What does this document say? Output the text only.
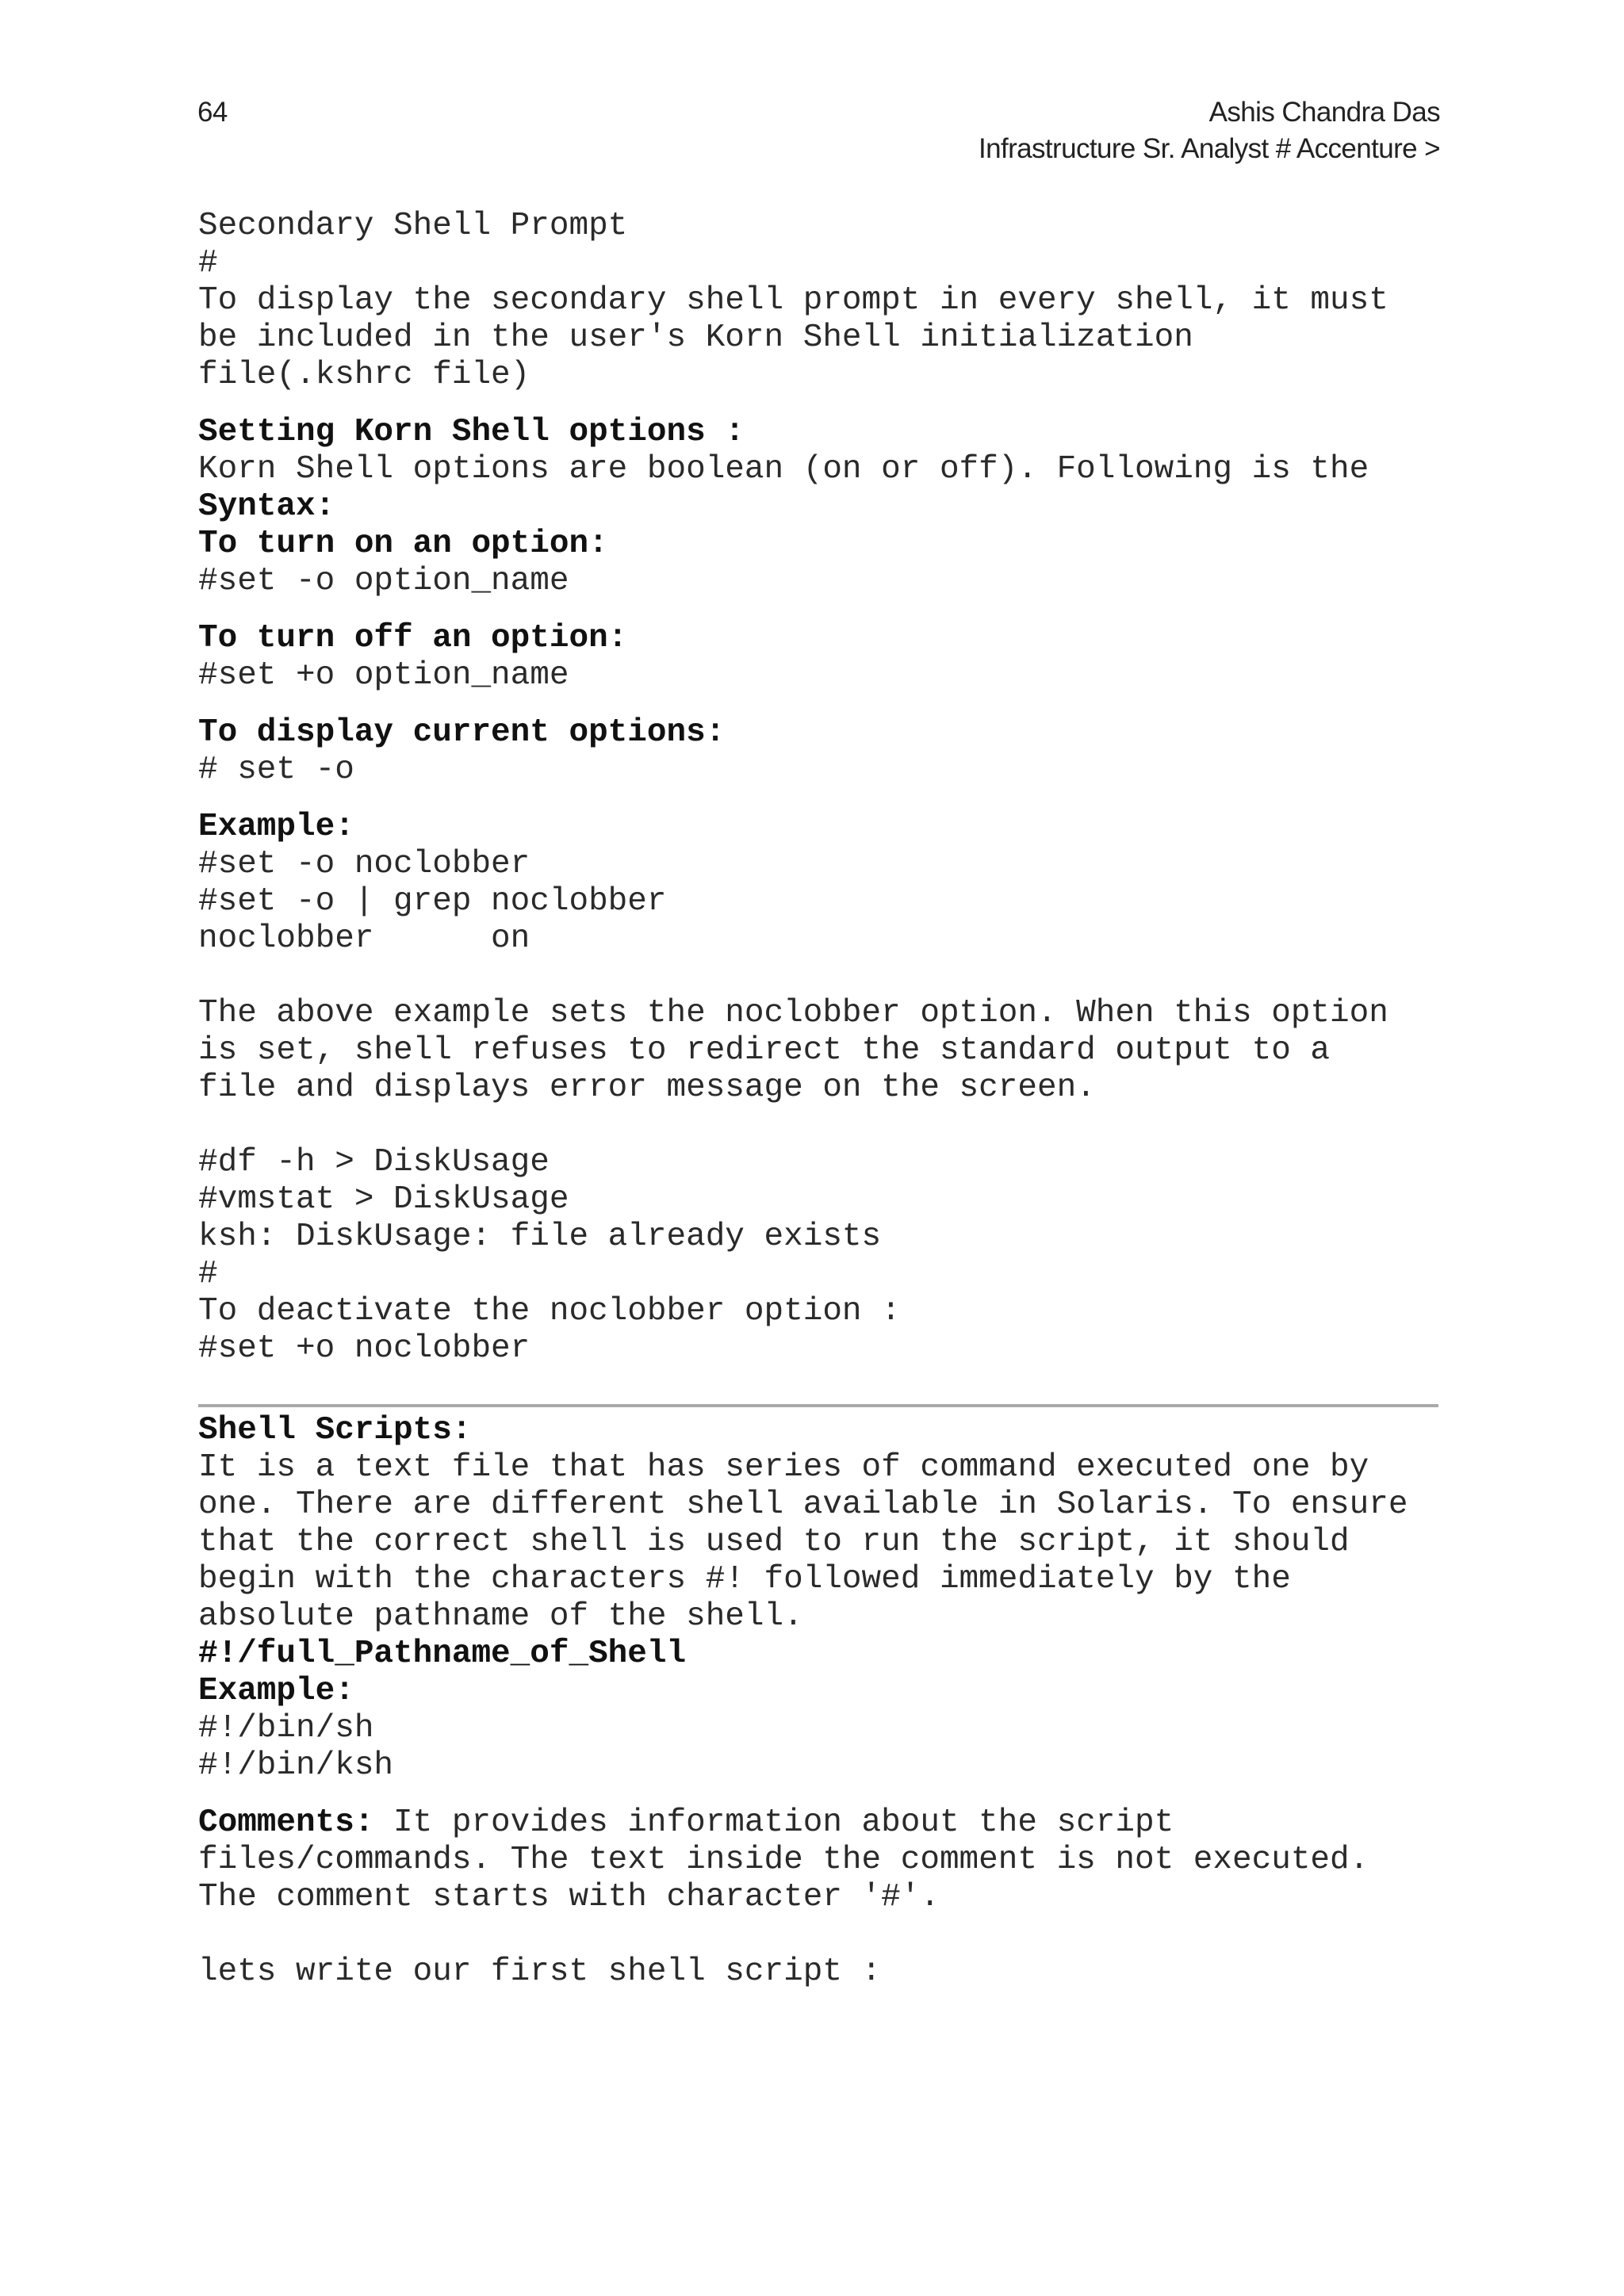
64	Ashis Chandra Das
Infrastructure Sr. Analyst # Accenture >
Secondary Shell Prompt
#
To display the secondary shell prompt in every shell, it must
be included in the user's Korn Shell initialization
file(.kshrc file)
Setting Korn Shell options :
Korn Shell options are boolean (on or off). Following is the
Syntax:
To turn on an option:
#set -o option_name
To turn off an option:
#set +o option_name
To display current options:
# set -o
Example:
#set -o noclobber
#set -o | grep noclobber
noclobber      on
The above example sets the noclobber option. When this option
is set, shell refuses to redirect the standard output to a
file and displays error message on the screen.
#df -h > DiskUsage
#vmstat > DiskUsage
ksh: DiskUsage: file already exists
#
To deactivate the noclobber option :
#set +o noclobber
Shell Scripts:
It is a text file that has series of command executed one by
one. There are different shell available in Solaris. To ensure
that the correct shell is used to run the script, it should
begin with the characters #! followed immediately by the
absolute pathname of the shell.
#!/full_Pathname_of_Shell
Example:
#!/bin/sh
#!/bin/ksh
Comments: It provides information about the script
files/commands. The text inside the comment is not executed.
The comment starts with character '#'.
lets write our first shell script :
